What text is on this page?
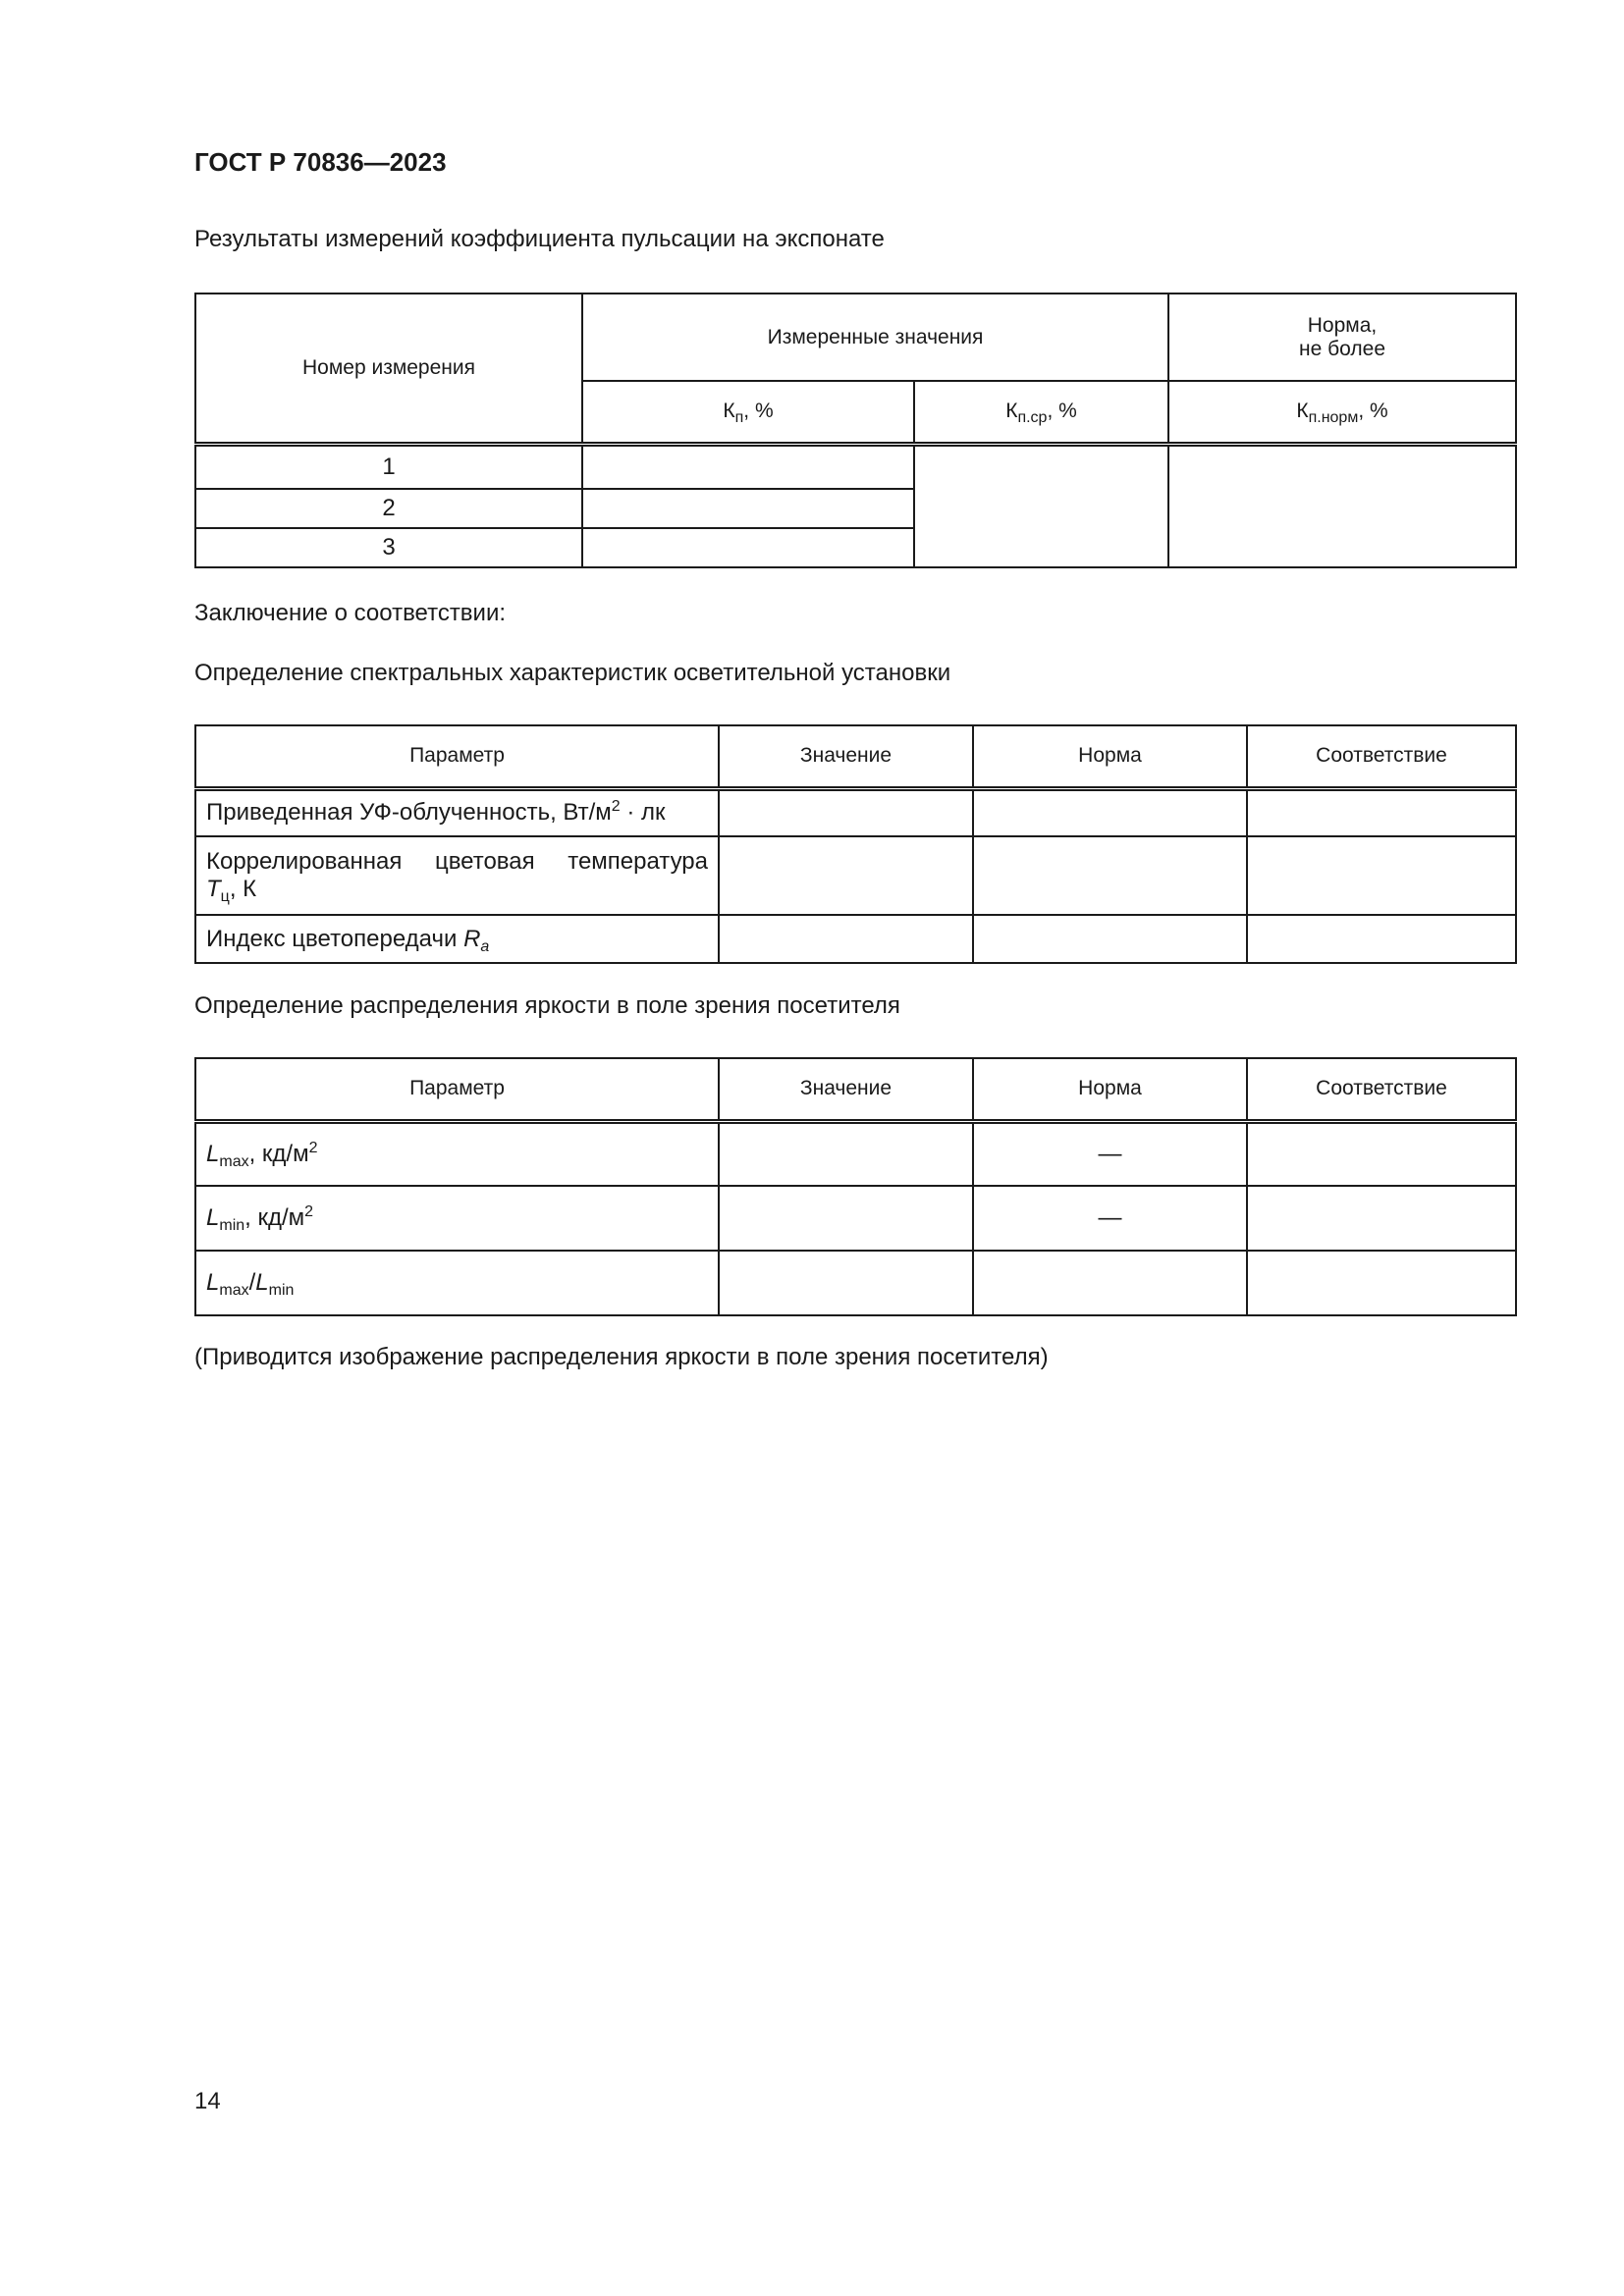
ГОСТ Р 70836—2023
Результаты измерений коэффициента пульсации на экспонате
Номер измерения	Измеренные значения		Норма,
не более
	$К_п$, %	$К_{п.ср}$, %	$К_{п.норм}$, %
1			
2			
3			
Заключение о соответствии:
Определение спектральных характеристик осветительной установки
Параметр	Значение	Норма	Соответствие
Приведенная УФ-облученность, $Вт/м^2$ · лк			

Коррелированная цветовая температура
$T_ц$, К			

Индекс цветопередачи $R_a$			
Определение распределения яркости в поле зрения посетителя
Параметр	Значение	Норма	Соответствие
$L_{max}$, $кд/м^2$		—	
$L_{min}$, $кд/м^2$		—	
$L_{max}/L_{min}$			
(Приводится изображение распределения яркости в поле зрения посетителя)
14
